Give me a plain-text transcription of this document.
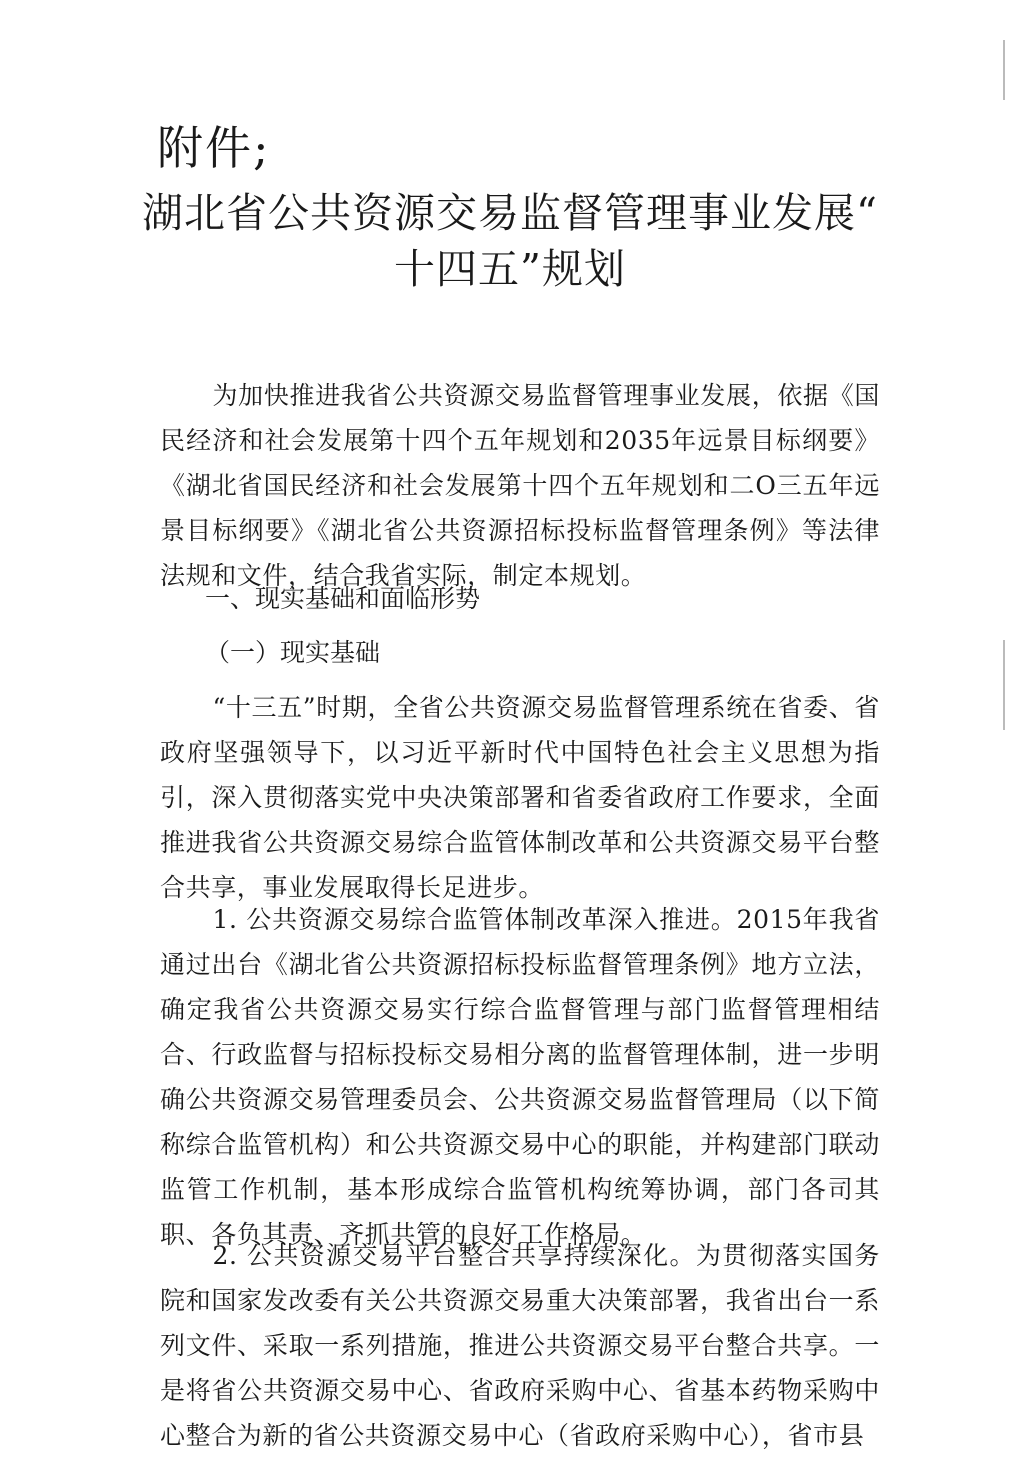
附件;
湖北省公共资源交易监督管理事业发展“
十四五”规划

为加快推进我省公共资源交易监督管理事业发展，依据《国民经济和社会发展第十四个五年规划和2035年远景目标纲要》《湖北省国民经济和社会发展第十四个五年规划和二O三五年远景目标纲要》《湖北省公共资源招标投标监督管理条例》等法律法规和文件，结合我省实际，制定本规划。

一、现实基础和面临形势
（一）现实基础

“十三五”时期，全省公共资源交易监督管理系统在省委、省政府坚强领导下，以习近平新时代中国特色社会主义思想为指引，深入贯彻落实党中央决策部署和省委省政府工作要求，全面推进我省公共资源交易综合监管体制改革和公共资源交易平台整合共享，事业发展取得长足进步。

1. 公共资源交易综合监管体制改革深入推进。2015年我省通过出台《湖北省公共资源招标投标监督管理条例》地方立法，确定我省公共资源交易实行综合监督管理与部门监督管理相结合、行政监督与招标投标交易相分离的监督管理体制，进一步明确公共资源交易管理委员会、公共资源交易监督管理局（以下简称综合监管机构）和公共资源交易中心的职能，并构建部门联动监管工作机制，基本形成综合监管机构统筹协调，部门各司其职、各负其责、齐抓共管的良好工作格局。

2. 公共资源交易平台整合共享持续深化。为贯彻落实国务院和国家发改委有关公共资源交易重大决策部署，我省出台一系列文件、采取一系列措施，推进公共资源交易平台整合共享。一是将省公共资源交易中心、省政府采购中心、省基本药物采购中心整合为新的省公共资源交易中心（省政府采购中心），省市县
